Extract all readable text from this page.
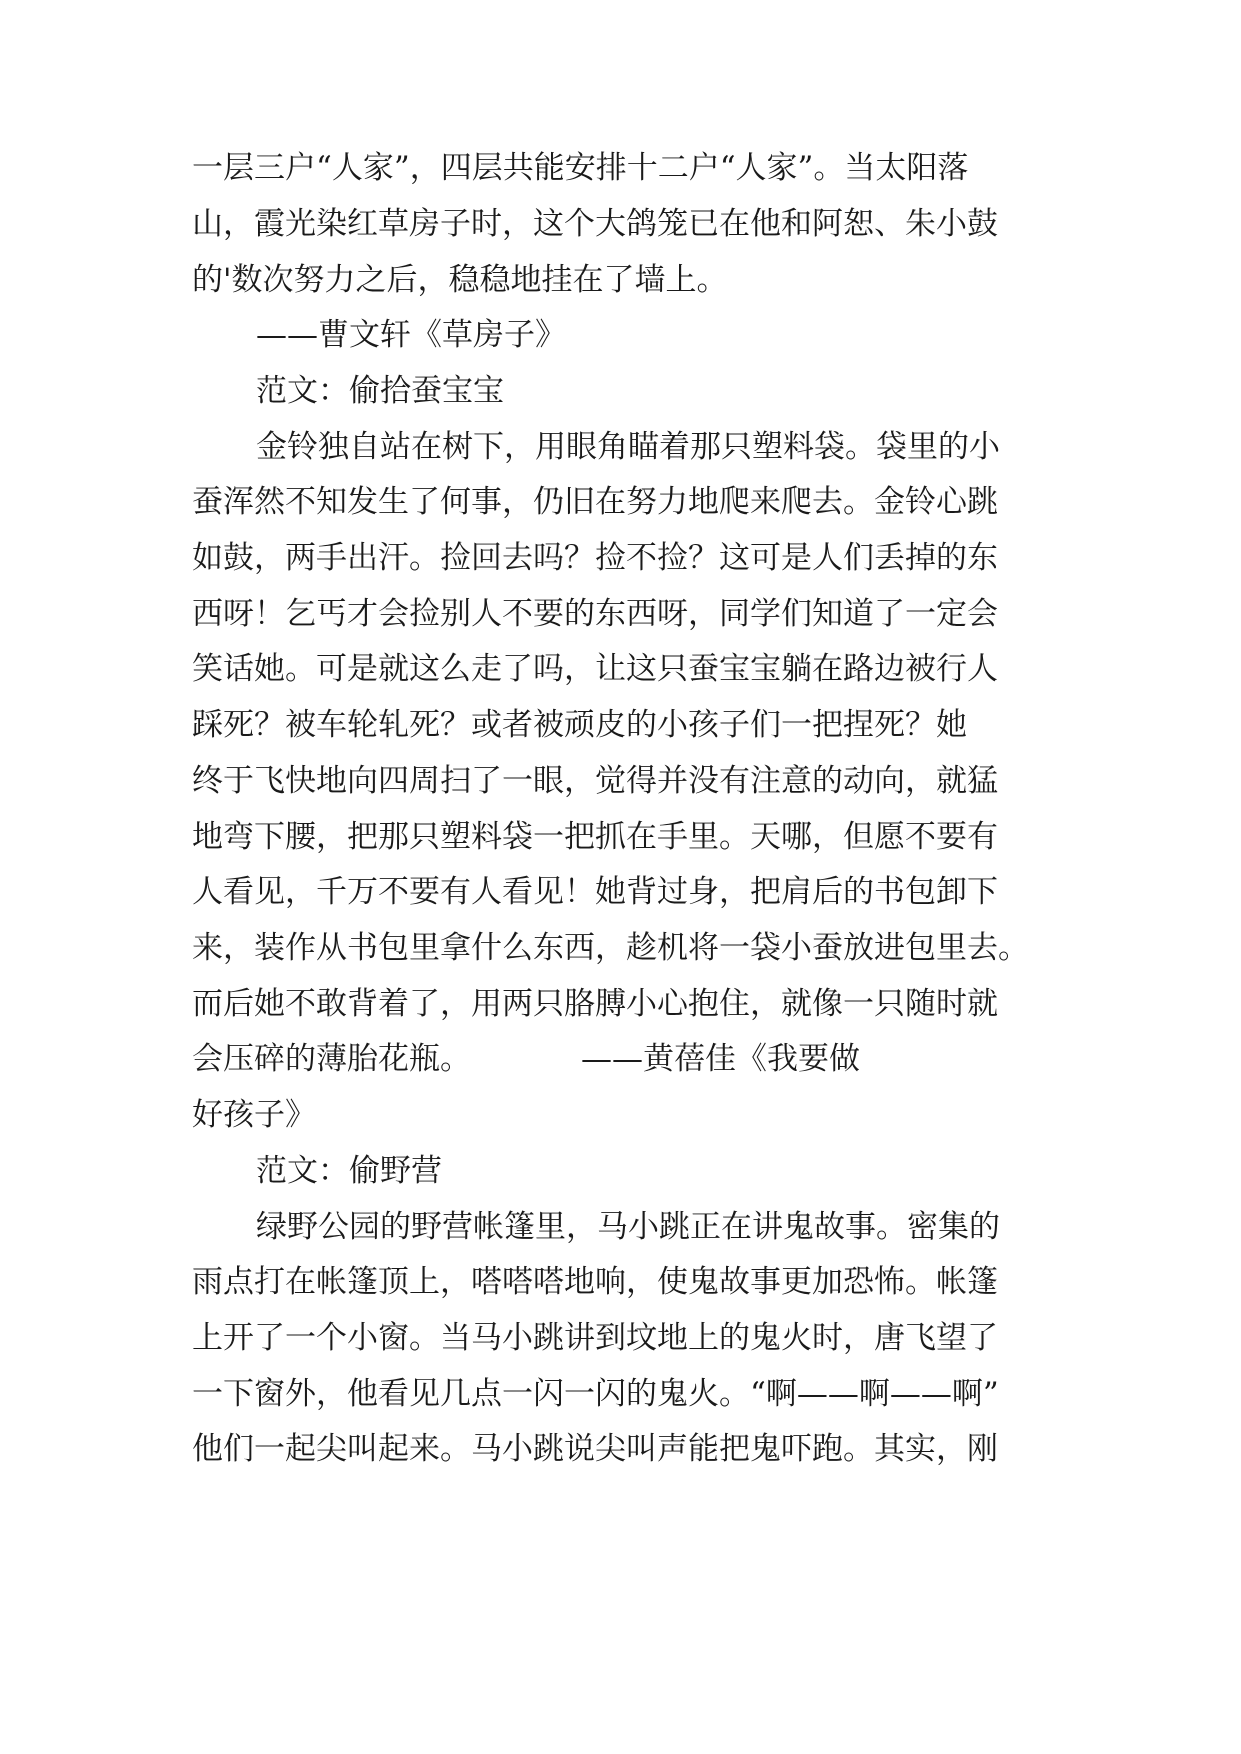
一层三户“人家”，四层共能安排十二户“人家”。当太阳落
山，霞光染红草房子时，这个大鸽笼已在他和阿恕、朱小鼓
的'数次努力之后，稳稳地挂在了墙上。
——曹文轩《草房子》
范文：偷拾蚕宝宝
金铃独自站在树下，用眼角瞄着那只塑料袋。袋里的小
蚕浑然不知发生了何事，仍旧在努力地爬来爬去。金铃心跳
如鼓，两手出汗。捡回去吗？捡不捡？这可是人们丢掉的东
西呀！乞丐才会捡别人不要的东西呀，同学们知道了一定会
笑话她。可是就这么走了吗，让这只蚕宝宝躺在路边被行人
踩死？被车轮轧死？或者被顽皮的小孩子们一把捏死？她
终于飞快地向四周扫了一眼，觉得并没有注意的动向，就猛
地弯下腰，把那只塑料袋一把抓在手里。天哪，但愿不要有
人看见，千万不要有人看见！她背过身，把肩后的书包卸下
来，装作从书包里拿什么东西，趁机将一袋小蚕放进包里去。
而后她不敢背着了，用两只胳膊小心抱住，就像一只随时就
会压碎的薄胎花瓶。	——黄蓓佳《我要做
好孩子》
范文：偷野营
绿野公园的野营帐篷里，马小跳正在讲鬼故事。密集的
雨点打在帐篷顶上，嗒嗒嗒地响，使鬼故事更加恐怖。帐篷
上开了一个小窗。当马小跳讲到坟地上的鬼火时，唐飞望了
一下窗外，他看见几点一闪一闪的鬼火。“啊——啊——啊”
他们一起尖叫起来。马小跳说尖叫声能把鬼吓跑。其实，刚
